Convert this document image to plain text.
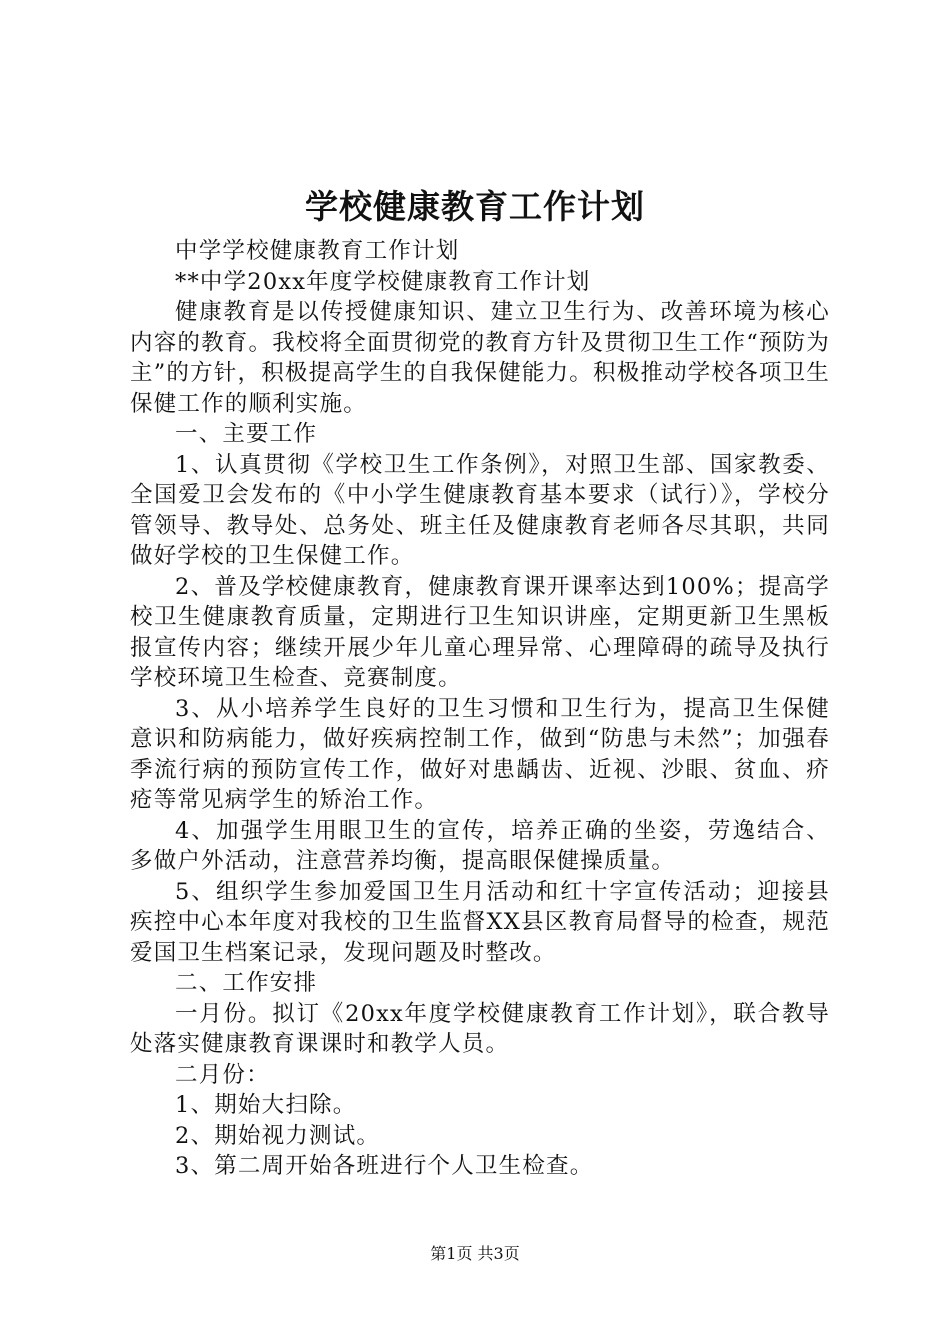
学校健康教育工作计划

中学学校健康教育工作计划

**中学20xx年度学校健康教育工作计划

健康教育是以传授健康知识、建立卫生行为、改善环境为核心内容的教育。我校将全面贯彻党的教育方针及贯彻卫生工作“预防为主”的方针，积极提高学生的自我保健能力。积极推动学校各项卫生保健工作的顺利实施。

一、主要工作

1、认真贯彻《学校卫生工作条例》，对照卫生部、国家教委、全国爱卫会发布的《中小学生健康教育基本要求（试行）》，学校分管领导、教导处、总务处、班主任及健康教育老师各尽其职，共同做好学校的卫生保健工作。

2、普及学校健康教育，健康教育课开课率达到100%；提高学校卫生健康教育质量，定期进行卫生知识讲座，定期更新卫生黑板报宣传内容；继续开展少年儿童心理异常、心理障碍的疏导及执行学校环境卫生检查、竞赛制度。

3、从小培养学生良好的卫生习惯和卫生行为，提高卫生保健意识和防病能力，做好疾病控制工作，做到“防患与未然”；加强春季流行病的预防宣传工作，做好对患龋齿、近视、沙眼、贫血、疥疮等常见病学生的矫治工作。

4、加强学生用眼卫生的宣传，培养正确的坐姿，劳逸结合、多做户外活动，注意营养均衡，提高眼保健操质量。

5、组织学生参加爱国卫生月活动和红十字宣传活动；迎接县疾控中心本年度对我校的卫生监督XX县区教育局督导的检查，规范爱国卫生档案记录，发现问题及时整改。

二、工作安排

一月份。拟订《20xx年度学校健康教育工作计划》，联合教导处落实健康教育课课时和教学人员。

二月份：

1、期始大扫除。

2、期始视力测试。

3、第二周开始各班进行个人卫生检查。

第1页 共3页
